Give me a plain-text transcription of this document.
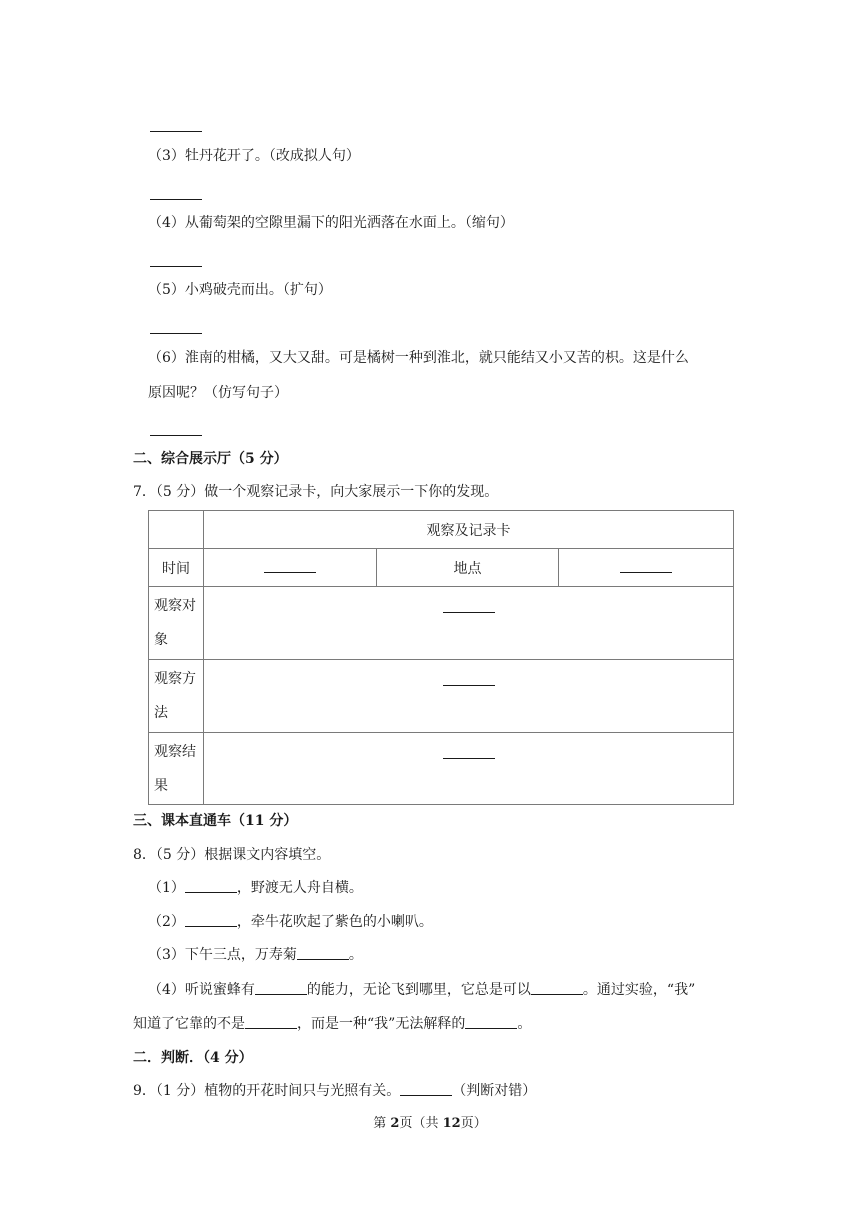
（3）牡丹花开了。（改成拟人句）
（4）从葡萄架的空隙里漏下的阳光洒落在水面上。（缩句）
（5）小鸡破壳而出。（扩句）
（6）淮南的柑橘，又大又甜。可是橘树一种到淮北，就只能结又小又苦的枳。这是什么
原因呢？（仿写句子）
二、综合展示厅（5 分）
7．（5 分）做一个观察记录卡，向大家展示一下你的发现。
	观察及记录卡		
时间		地点	
观察对
象			
观察方
法			
观察结
果			
三、课本直通车（11 分）
8．（5 分）根据课文内容填空。
（1）	，野渡无人舟自横。
（2）	，牵牛花吹起了紫色的小喇叭。
（3）下午三点，万寿菊	。
（4）听说蜜蜂有	的能力，无论飞到哪里，它总是可以	。通过实验，“我”
知道了它靠的不是	，而是一种“我”无法解释的	。
二．判断．（4 分）
9．（1 分）植物的开花时间只与光照有关。	（判断对错）
第 2页（共 12页）
